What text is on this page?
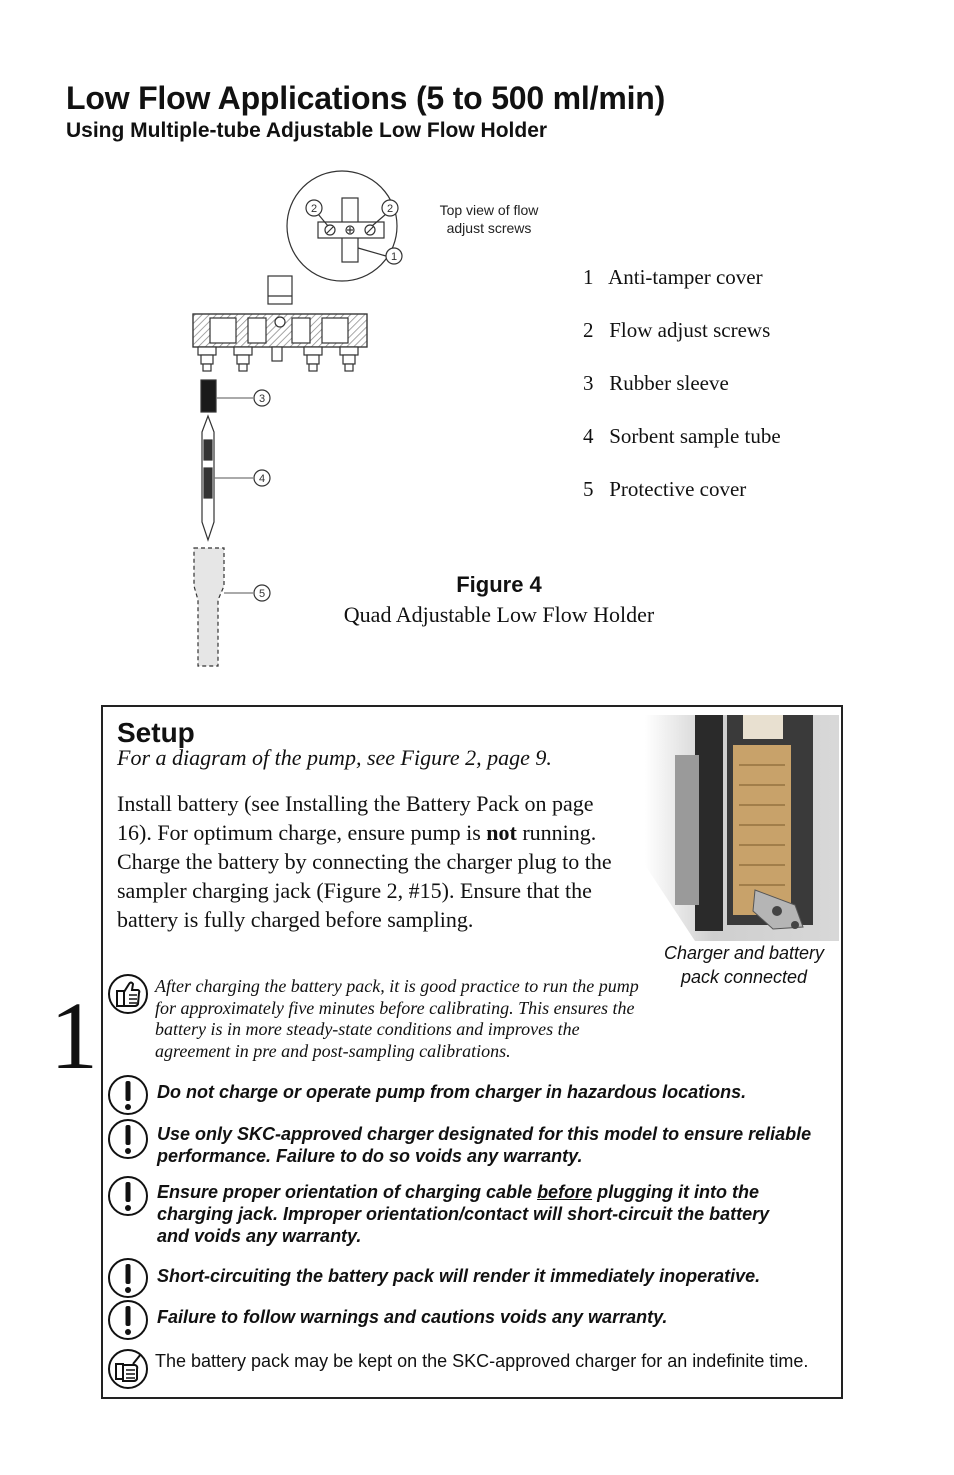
Low Flow Applications (5 to 500 ml/min)
Using Multiple-tube Adjustable Low Flow Holder
2	2
1
3
4
5
Top view of flow
adjust screws
1 Anti-tamper cover
2 Flow adjust screws
3 Rubber sleeve
4 Sorbent sample tube
5 Protective cover
Figure 4
Quad Adjustable Low Flow Holder
Setup
For a diagram of the pump, see Figure 2, page 9.
Install battery (see Installing the Battery Pack on page 16). For optimum charge, ensure pump is not running. Charge the battery by connecting the charger plug to the sampler charging jack (Figure 2, #15). Ensure that the battery is fully charged before sampling.
Charger and battery
pack connected
After charging the battery pack, it is good practice to run the pump for approximately five minutes before calibrating. This ensures the battery is in more steady-state conditions and improves the agreement in pre and post-sampling calibrations.
Do not charge or operate pump from charger in hazardous locations.
Use only SKC-approved charger designated for this model to ensure reliable performance. Failure to do so voids any warranty.
Ensure proper orientation of charging cable before plugging it into the charging jack. Improper orientation/contact will short-circuit the battery and voids any warranty.
Short-circuiting the battery pack will render it immediately inoperative.
Failure to follow warnings and cautions voids any warranty.
The battery pack may be kept on the SKC-approved charger for an indefinite time.
1
